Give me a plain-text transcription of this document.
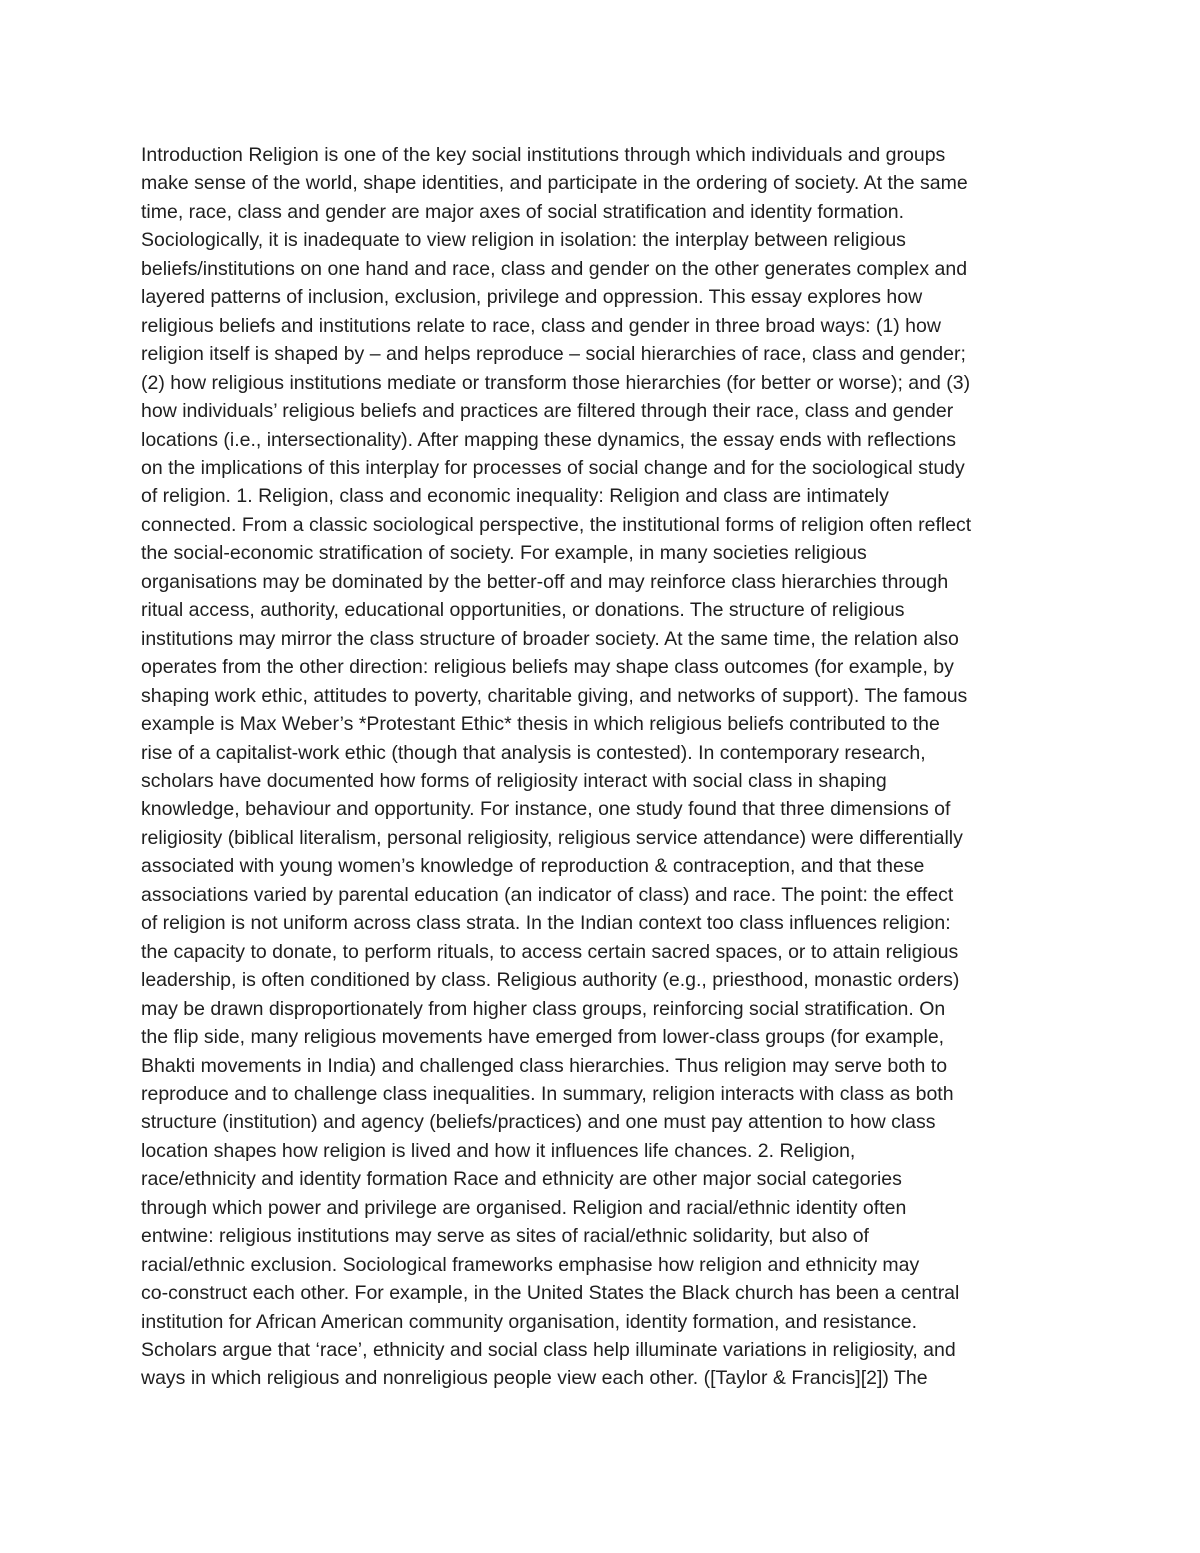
Introduction Religion is one of the key social institutions through which individuals and groups
make sense of the world, shape identities, and participate in the ordering of society. At the same
time, race, class and gender are major axes of social stratification and identity formation.
Sociologically, it is inadequate to view religion in isolation: the interplay between religious
beliefs/institutions on one hand and race, class and gender on the other generates complex and
layered patterns of inclusion, exclusion, privilege and oppression. This essay explores how
religious beliefs and institutions relate to race, class and gender in three broad ways: (1) how
religion itself is shaped by – and helps reproduce – social hierarchies of race, class and gender;
(2) how religious institutions mediate or transform those hierarchies (for better or worse); and (3)
how individuals’ religious beliefs and practices are filtered through their race, class and gender
locations (i.e., intersectionality). After mapping these dynamics, the essay ends with reflections
on the implications of this interplay for processes of social change and for the sociological study
of religion. 1. Religion, class and economic inequality: Religion and class are intimately
connected. From a classic sociological perspective, the institutional forms of religion often reflect
the social-economic stratification of society. For example, in many societies religious
organisations may be dominated by the better-off and may reinforce class hierarchies through
ritual access, authority, educational opportunities, or donations. The structure of religious
institutions may mirror the class structure of broader society. At the same time, the relation also
operates from the other direction: religious beliefs may shape class outcomes (for example, by
shaping work ethic, attitudes to poverty, charitable giving, and networks of support). The famous
example is Max Weber’s *Protestant Ethic* thesis in which religious beliefs contributed to the
rise of a capitalist-work ethic (though that analysis is contested). In contemporary research,
scholars have documented how forms of religiosity interact with social class in shaping
knowledge, behaviour and opportunity. For instance, one study found that three dimensions of
religiosity (biblical literalism, personal religiosity, religious service attendance) were differentially
associated with young women’s knowledge of reproduction & contraception, and that these
associations varied by parental education (an indicator of class) and race. The point: the effect
of religion is not uniform across class strata. In the Indian context too class influences religion:
the capacity to donate, to perform rituals, to access certain sacred spaces, or to attain religious
leadership, is often conditioned by class. Religious authority (e.g., priesthood, monastic orders)
may be drawn disproportionately from higher class groups, reinforcing social stratification. On
the flip side, many religious movements have emerged from lower-class groups (for example,
Bhakti movements in India) and challenged class hierarchies. Thus religion may serve both to
reproduce and to challenge class inequalities. In summary, religion interacts with class as both
structure (institution) and agency (beliefs/practices) and one must pay attention to how class
location shapes how religion is lived and how it influences life chances. 2. Religion,
race/ethnicity and identity formation Race and ethnicity are other major social categories
through which power and privilege are organised. Religion and racial/ethnic identity often
entwine: religious institutions may serve as sites of racial/ethnic solidarity, but also of
racial/ethnic exclusion. Sociological frameworks emphasise how religion and ethnicity may
co-construct each other. For example, in the United States the Black church has been a central
institution for African American community organisation, identity formation, and resistance.
Scholars argue that ‘race’, ethnicity and social class help illuminate variations in religiosity, and
ways in which religious and nonreligious people view each other. ([Taylor & Francis][2]) The
